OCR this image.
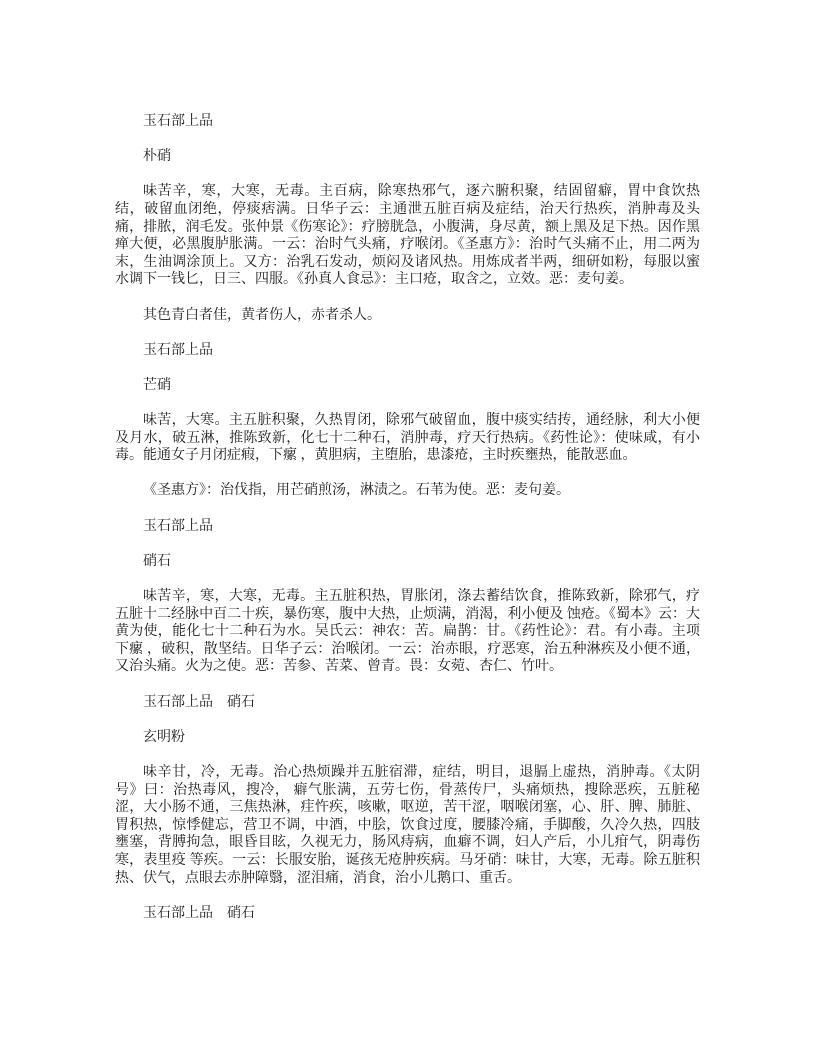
玉石部上品
朴硝
味苦辛，寒，大寒，无毒。主百病，除寒热邪气，逐六腑积聚，结固留癖，胃中食饮热结，破留血闭绝，停痰痞满。日华子云：主通泄五脏百病及症结，治天行热疾，消肿毒及头痛，排脓，润毛发。张仲景《伤寒论》：疗膀胱急，小腹满，身尽黄，额上黑及足下热。因作黑瘅大便，必黑腹胪胀满。一云：治时气头痛，疗喉闭。《圣惠方》：治时气头痛不止，用二两为末，生油调涂顶上。又方：治乳石发动，烦闷及诸风热。用炼成者半两，细研如粉，每服以蜜水调下一钱匕，日三、四服。《孙真人食忌》：主口疮，取含之，立效。恶：麦句姜。
其色青白者佳，黄者伤人，赤者杀人。
玉石部上品
芒硝
味苦，大寒。主五脏积聚，久热胃闭，除邪气破留血，腹中痰实结抟，通经脉，利大小便及月水，破五淋，推陈致新，化七十二种石，消肿毒，疗天行热病。《药性论》：使味咸，有小毒。能通女子月闭症瘕，下瘰 ，黄胆病，主堕胎，患漆疮，主时疾壅热，能散恶血。
《圣惠方》：治伐指，用芒硝煎汤，淋渍之。石苇为使。恶：麦句姜。
玉石部上品
硝石
味苦辛，寒，大寒，无毒。主五脏积热，胃胀闭，涤去蓄结饮食，推陈致新，除邪气，疗五脏十二经脉中百二十疾，暴伤寒，腹中大热，止烦满，消渴，利小便及 蚀疮。《蜀本》云：大黄为使，能化七十二种石为水。吴氏云：神农：苦。扁鹊：甘。《药性论》：君。有小毒。主项下瘰 ，破积，散坚结。日华子云：治喉闭。一云：治赤眼，疗恶寒，治五种淋疾及小便不通，又治头痛。火为之使。恶：苦参、苦菜、曾青。畏：女菀、杏仁、竹叶。
玉石部上品　硝石
玄明粉
味辛甘，冷，无毒。治心热烦躁并五脏宿滞，症结，明目，退膈上虚热，消肿毒。《太阴号》曰：治热毒风，搜冷， 癖气胀满，五劳七伤，骨蒸传尸，头痛烦热，搜除恶疾，五脏秘涩，大小肠不通，三焦热淋，疰忤疾，咳嗽，呕逆，苦干涩，咽喉闭塞，心、肝、脾、肺脏、胃积热，惊悸健忘，营卫不调，中酒，中脍，饮食过度，腰膝冷痛，手脚酸，久冷久热，四肢壅塞，背膊拘急，眼昏目眩，久视无力，肠风痔病，血癖不调，妇人产后，小儿疳气，阴毒伤寒，表里疫 等疾。一云：长服安胎，诞孩无疮肿疾病。马牙硝：味甘，大寒，无毒。除五脏积热、伏气，点眼去赤肿障翳，涩泪痛，消食，治小儿鹅口、重舌。
玉石部上品　硝石
